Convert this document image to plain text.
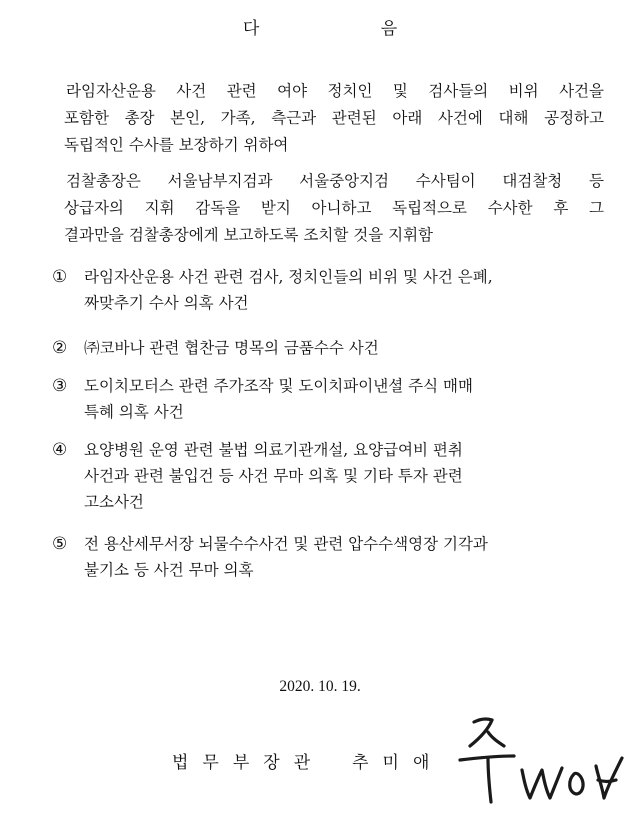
다 음

라임자산운용 사건 관련 여야 정치인 및 검사들의 비위 사건을
포함한 총장 본인, 가족, 측근과 관련된 아래 사건에 대해 공정하고
독립적인 수사를 보장하기 위하여

검찰총장은 서울남부지검과 서울중앙지검 수사팀이 대검찰청 등
상급자의 지휘 감독을 받지 아니하고 독립적으로 수사한 후 그
결과만을 검찰총장에게 보고하도록 조치할 것을 지휘함

①	라임자산운용 사건 관련 검사, 정치인들의 비위 및 사건 은폐,
짜맞추기 수사 의혹 사건
②	㈜코바나 관련 협찬금 명목의 금품수수 사건
③	도이치모터스 관련 주가조작 및 도이치파이낸셜 주식 매매
특혜 의혹 사건
④	요양병원 운영 관련 불법 의료기관개설, 요양급여비 편취
사건과 관련 불입건 등 사건 무마 의혹 및 기타 투자 관련
고소사건
⑤	전 용산세무서장 뇌물수수사건 및 관련 압수수색영장 기각과
불기소 등 사건 무마 의혹
2020. 10. 19.
법무부장관 추미애
